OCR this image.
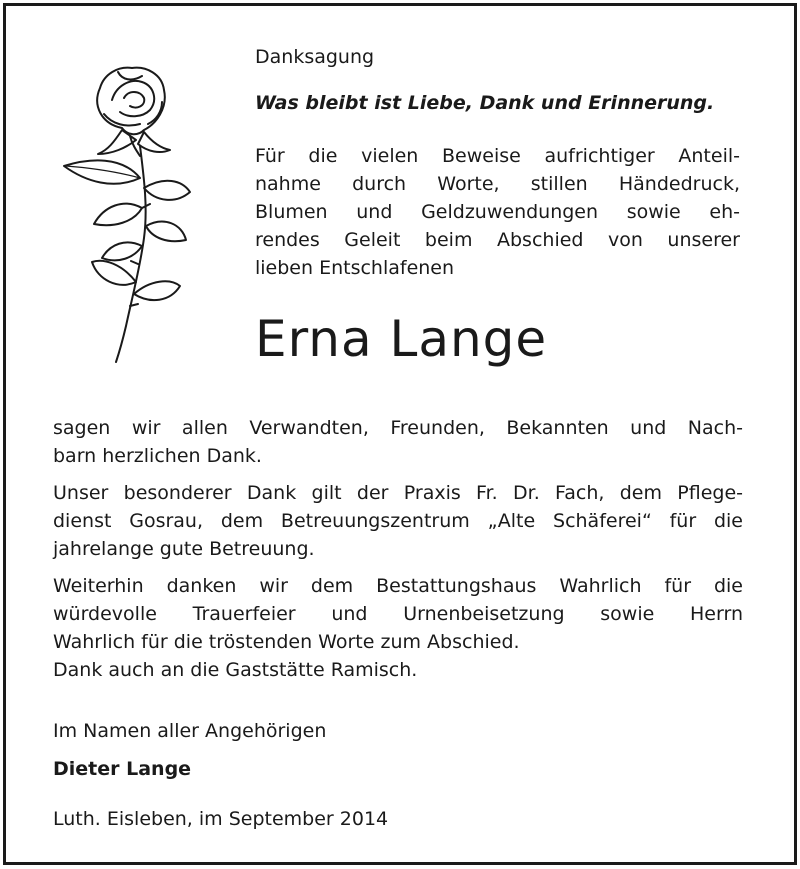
Danksagung
Was bleibt ist Liebe, Dank und Erinnerung.
Für die vielen Beweise aufrichtiger Anteil-
nahme durch Worte, stillen Händedruck,
Blumen und Geldzuwendungen sowie eh-
rendes Geleit beim Abschied von unserer
lieben Entschlafenen
Erna Lange
sagen wir allen Verwandten, Freunden, Bekannten und Nach-
barn herzlichen Dank.
Unser besonderer Dank gilt der Praxis Fr. Dr. Fach, dem Pflege-
dienst Gosrau, dem Betreuungszentrum „Alte Schäferei“ für die
jahrelange gute Betreuung.
Weiterhin danken wir dem Bestattungshaus Wahrlich für die
würdevolle Trauerfeier und Urnenbeisetzung sowie Herrn
Wahrlich für die tröstenden Worte zum Abschied.
Dank auch an die Gaststätte Ramisch.
Im Namen aller Angehörigen
Dieter Lange
Luth. Eisleben, im September 2014
